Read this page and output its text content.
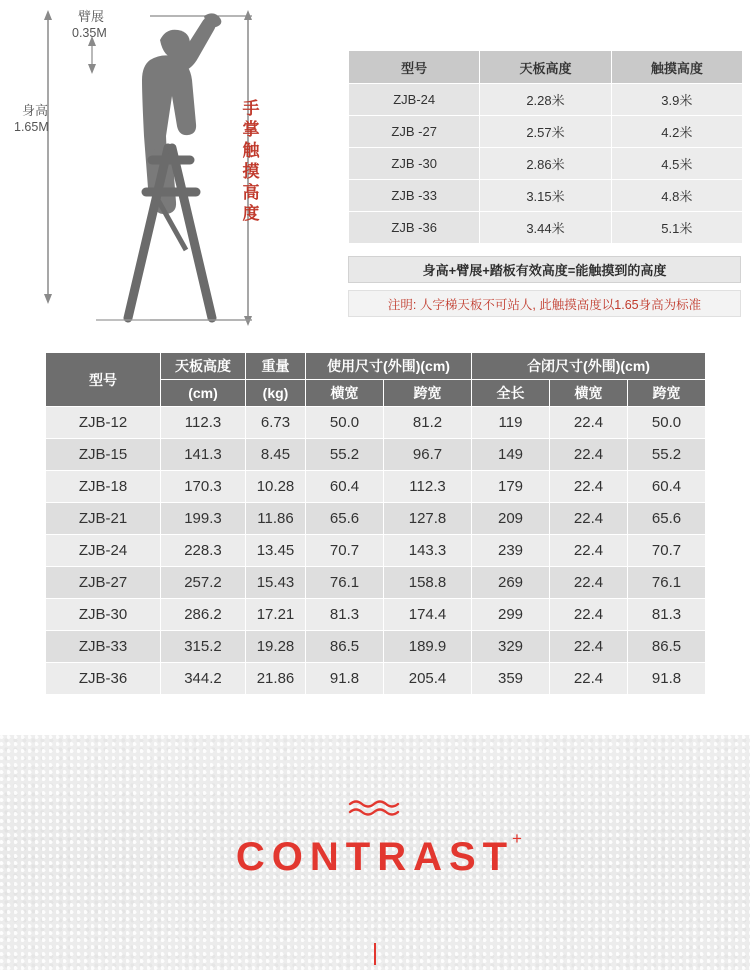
臂展
0.35M
身高
1.65M
手掌触摸高度
型号	天板高度	触摸高度
ZJB-24	2.28米	3.9米
ZJB -27	2.57米	4.2米
ZJB -30	2.86米	4.5米
ZJB -33	3.15米	4.8米
ZJB -36	3.44米	5.1米
身高+臂展+踏板有效高度=能触摸到的高度
注明: 人字梯天板不可站人, 此触摸高度以1.65身高为标准
型号	天板高度	重量	使用尺寸(外围)(cm)		合闭尺寸(外围)(cm)		
	(cm)	(kg)	横宽	跨宽	全长	横宽	跨宽
ZJB-12	112.3	6.73	50.0	81.2	119	22.4	50.0
ZJB-15	141.3	8.45	55.2	96.7	149	22.4	55.2
ZJB-18	170.3	10.28	60.4	112.3	179	22.4	60.4
ZJB-21	199.3	11.86	65.6	127.8	209	22.4	65.6
ZJB-24	228.3	13.45	70.7	143.3	239	22.4	70.7
ZJB-27	257.2	15.43	76.1	158.8	269	22.4	76.1
ZJB-30	286.2	17.21	81.3	174.4	299	22.4	81.3
ZJB-33	315.2	19.28	86.5	189.9	329	22.4	86.5
ZJB-36	344.2	21.86	91.8	205.4	359	22.4	91.8
CONTRAST
+
